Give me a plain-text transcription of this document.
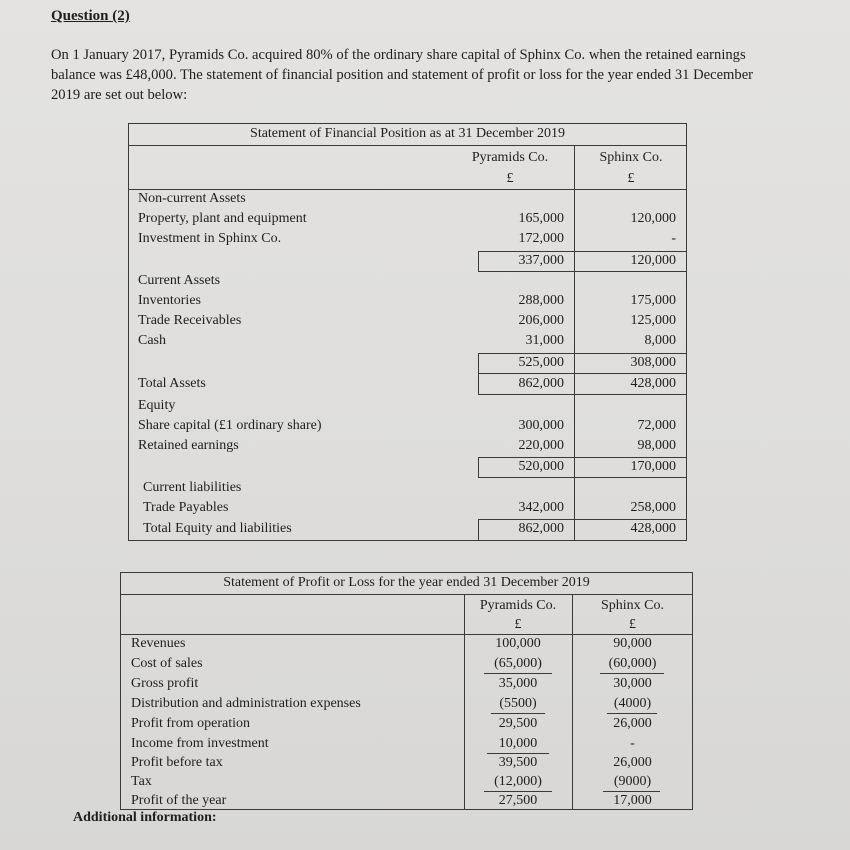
Question (2)
On 1 January 2017, Pyramids Co. acquired 80% of the ordinary share capital of Sphinx Co. when the retained earnings balance was £48,000. The statement of financial position and statement of profit or loss for the year ended 31 December 2019 are set out below:
Statement of Financial Position as at 31 December 2019
Pyramids Co.	Sphinx Co.
£	£
Non-current Assets
Property, plant and equipment	165,000	120,000
Investment in Sphinx Co.	172,000	-
337,000	120,000
Current Assets
Inventories	288,000	175,000
Trade Receivables	206,000	125,000
Cash	31,000	8,000
525,000	308,000
Total Assets	862,000	428,000
Equity
Share capital (£1 ordinary share)	300,000	72,000
Retained earnings	220,000	98,000
520,000	170,000
Current liabilities
Trade Payables	342,000	258,000
Total Equity and liabilities	862,000	428,000
Statement of Profit or Loss for the year ended 31 December 2019
Pyramids Co.	Sphinx Co.
£	£
Revenues	100,000	90,000
Cost of sales	(65,000)	(60,000)
Gross profit	35,000	30,000
Distribution and administration expenses	(5500)	(4000)
Profit from operation	29,500	26,000
Income from investment	10,000	-
Profit before tax	39,500	26,000
Tax	(12,000)	(9000)
Profit of the year	27,500	17,000
Additional information:
